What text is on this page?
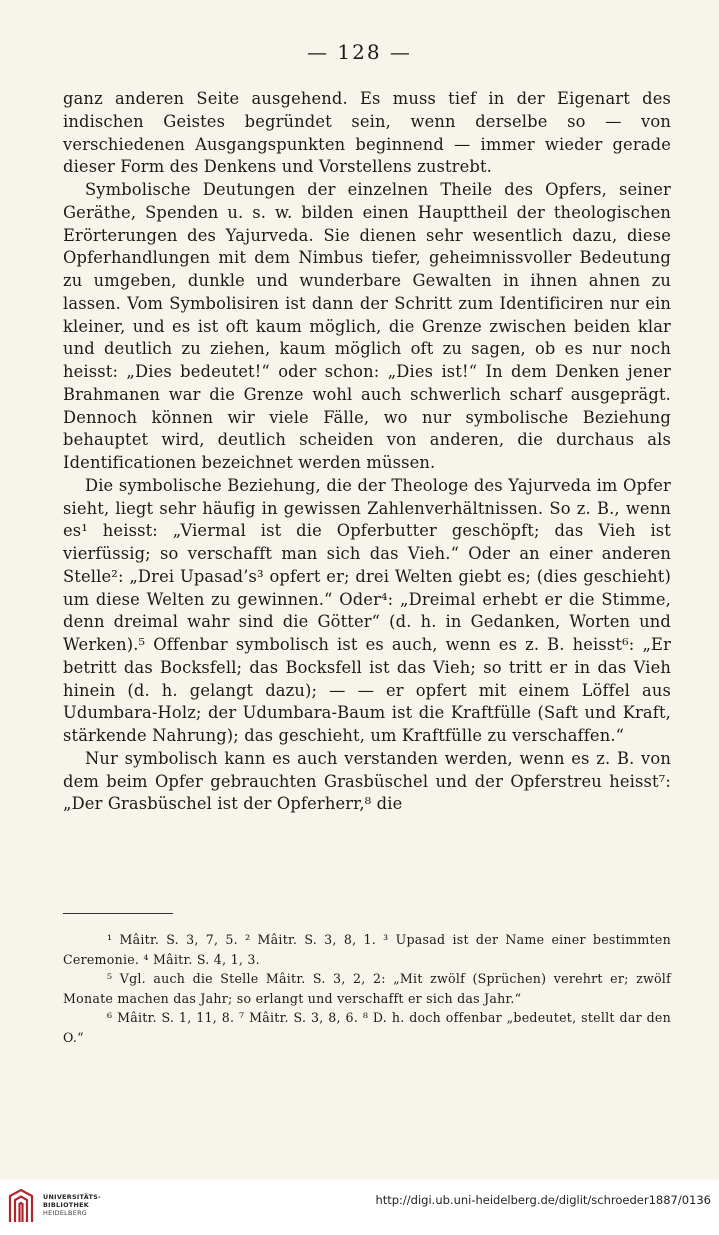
— 128 —

ganz anderen Seite ausgehend. Es muss tief in der Eigenart des indischen Geistes begründet sein, wenn derselbe so — von verschiedenen Ausgangspunkten beginnend — immer wieder gerade dieser Form des Denkens und Vorstellens zustrebt.

Symbolische Deutungen der einzelnen Theile des Opfers, seiner Geräthe, Spenden u. s. w. bilden einen Haupttheil der theologischen Erörterungen des Yajurveda. Sie dienen sehr wesentlich dazu, diese Opferhandlungen mit dem Nimbus tiefer, geheimnissvoller Bedeutung zu umgeben, dunkle und wunderbare Gewalten in ihnen ahnen zu lassen. Vom Symbolisiren ist dann der Schritt zum Identificiren nur ein kleiner, und es ist oft kaum möglich, die Grenze zwischen beiden klar und deutlich zu ziehen, kaum möglich oft zu sagen, ob es nur noch heisst: „Dies bedeutet!“ oder schon: „Dies ist!“ In dem Denken jener Brahmanen war die Grenze wohl auch schwerlich scharf ausgeprägt. Dennoch können wir viele Fälle, wo nur symbolische Beziehung behauptet wird, deutlich scheiden von anderen, die durchaus als Identificationen bezeichnet werden müssen.

Die symbolische Beziehung, die der Theologe des Yajurveda im Opfer sieht, liegt sehr häufig in gewissen Zahlenverhältnissen. So z. B., wenn es¹ heisst: „Viermal ist die Opferbutter geschöpft; das Vieh ist vierfüssig; so verschafft man sich das Vieh.“ Oder an einer anderen Stelle²: „Drei Upasad’s³ opfert er; drei Welten giebt es; (dies geschieht) um diese Welten zu gewinnen.“ Oder⁴: „Dreimal erhebt er die Stimme, denn dreimal wahr sind die Götter“ (d. h. in Gedanken, Worten und Werken).⁵ Offenbar symbolisch ist es auch, wenn es z. B. heisst⁶: „Er betritt das Bocksfell; das Bocksfell ist das Vieh; so tritt er in das Vieh hinein (d. h. gelangt dazu); — — er opfert mit einem Löffel aus Udumbara-Holz; der Udumbara-Baum ist die Kraftfülle (Saft und Kraft, stärkende Nahrung); das geschieht, um Kraftfülle zu verschaffen.“

Nur symbolisch kann es auch verstanden werden, wenn es z. B. von dem beim Opfer gebrauchten Grasbüschel und der Opferstreu heisst⁷: „Der Grasbüschel ist der Opferherr,⁸ die

¹ Mâitr. S. 3, 7, 5. ² Mâitr. S. 3, 8, 1. ³ Upasad ist der Name einer bestimmten Ceremonie. ⁴ Mâitr. S. 4, 1, 3.

⁵ Vgl. auch die Stelle Mâitr. S. 3, 2, 2: „Mit zwölf (Sprüchen) verehrt er; zwölf Monate machen das Jahr; so erlangt und verschafft er sich das Jahr.“

⁶ Mâitr. S. 1, 11, 8. ⁷ Mâitr. S. 3, 8, 6. ⁸ D. h. doch offenbar „bedeutet, stellt dar den O.“

UNIVERSITÄTS-
BIBLIOTHEK
HEIDELBERG
http://digi.ub.uni-heidelberg.de/diglit/schroeder1887/0136
